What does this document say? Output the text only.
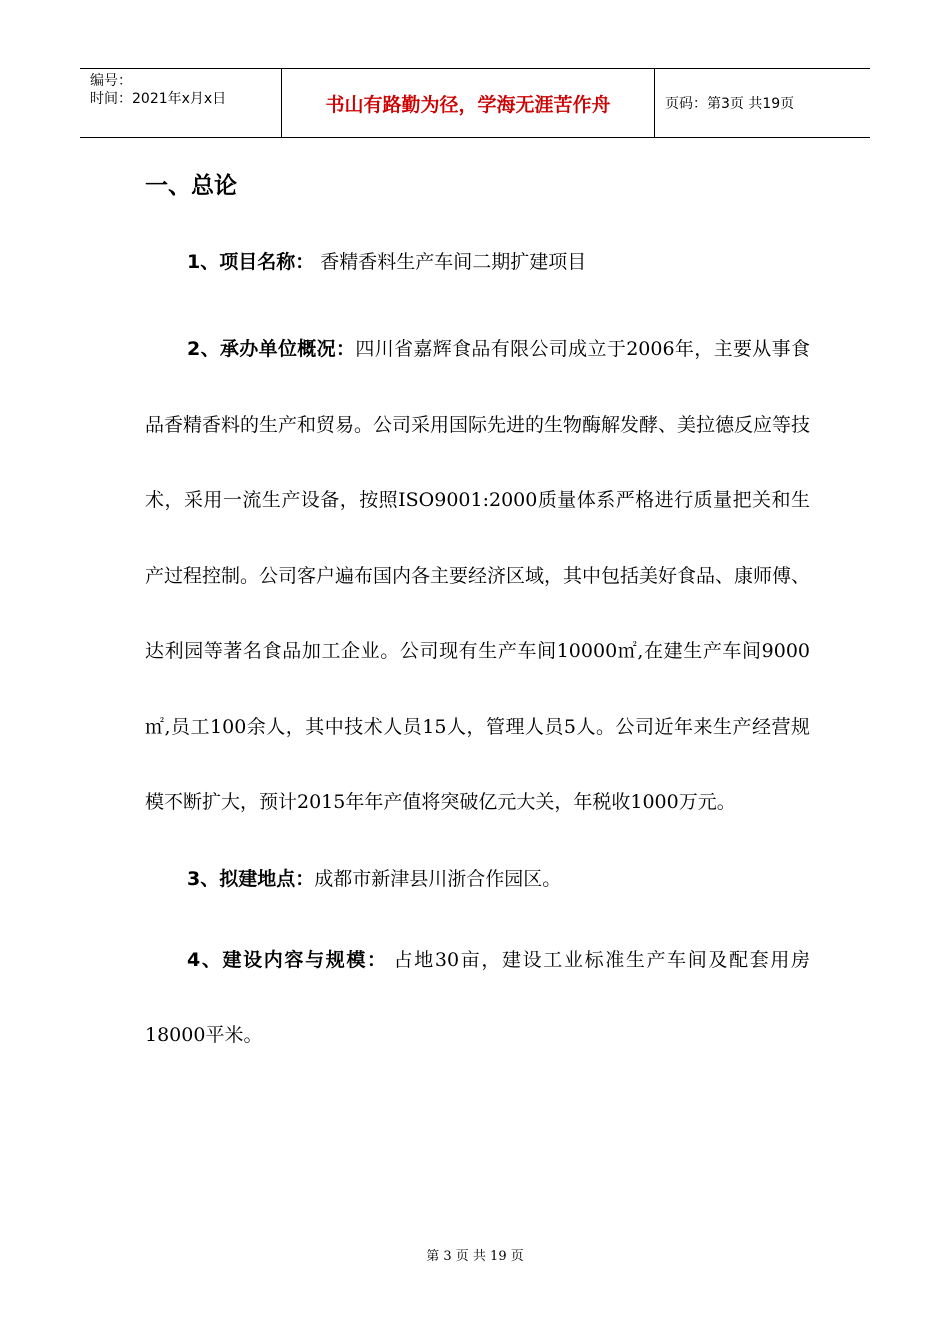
编号：
时间：2021年x月x日	书山有路勤为径，学海无涯苦作舟	页码：第3页 共19页
一、总论

1、项目名称： 香精香料生产车间二期扩建项目

2、承办单位概况：四川省嘉辉食品有限公司成立于2006年，主要从事食品香精香料的生产和贸易。公司采用国际先进的生物酶解发酵、美拉德反应等技术，采用一流生产设备，按照ISO9001:2000质量体系严格进行质量把关和生产过程控制。公司客户遍布国内各主要经济区域，其中包括美好食品、康师傅、达利园等著名食品加工企业。公司现有生产车间10000㎡,在建生产车间9000㎡,员工100余人，其中技术人员15人，管理人员5人。公司近年来生产经营规模不断扩大，预计2015年年产值将突破亿元大关，年税收1000万元。

3、拟建地点：成都市新津县川浙合作园区。

4、建设内容与规模： 占地30亩，建设工业标准生产车间及配套用房18000平米。

第 3 页 共 19 页
